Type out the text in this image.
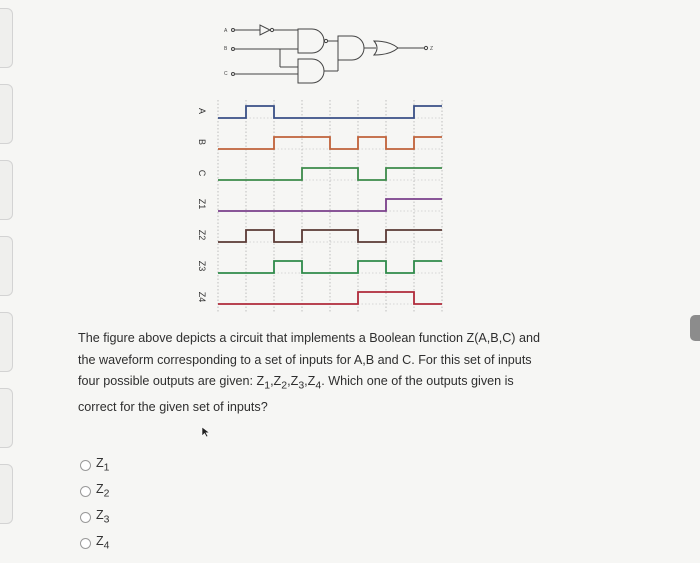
A
B
C
Z
A
B
C
Z1
Z2
Z3
Z4
The figure above depicts a circuit that implements a Boolean function Z(A,B,C) and
the waveform corresponding to a set of inputs for A,B and C. For this set of inputs
four possible outputs are given: $Z_1,Z_2,Z_3,Z_4$. Which one of the outputs given is
correct for the given set of inputs?
$Z_1$
$Z_2$
$Z_3$
$Z_4$
